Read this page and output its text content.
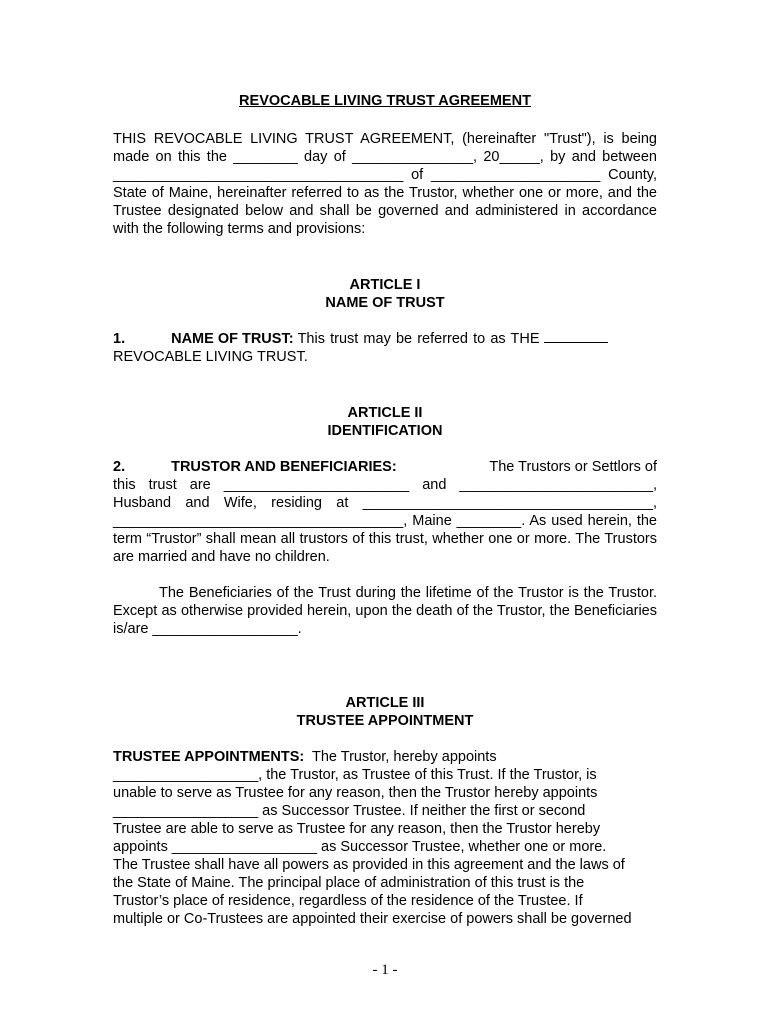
REVOCABLE LIVING TRUST AGREEMENT

THIS REVOCABLE LIVING TRUST AGREEMENT, (hereinafter "Trust"), is being made on this the ________ day of _______________, 20_____, by and between ____________________________________ of _____________________ County, State of Maine, hereinafter referred to as the Trustor, whether one or more, and the Trustee designated below and shall be governed and administered in accordance with the following terms and provisions:

ARTICLE I

NAME OF TRUST

1.	NAME OF TRUST: This trust may be referred to as THE
REVOCABLE LIVING TRUST.

ARTICLE II

IDENTIFICATION

2.	TRUSTOR AND BENEFICIARIES:	The Trustors or Settlors of
this trust are _______________________ and ________________________, Husband and Wife, residing at ____________________________________, ____________________________________, Maine ________. As used herein, the term “Trustor” shall mean all trustors of this trust, whether one or more. The Trustors are married and have no children.

The Beneficiaries of the Trust during the lifetime of the Trustor is the Trustor. Except as otherwise provided herein, upon the death of the Trustor, the Beneficiaries is/are __________________.

ARTICLE III

TRUSTEE APPOINTMENT

TRUSTEE APPOINTMENTS: The Trustor, hereby appoints
__________________, the Trustor, as Trustee of this Trust. If the Trustor, is
unable to serve as Trustee for any reason, then the Trustor hereby appoints
__________________ as Successor Trustee. If neither the first or second
Trustee are able to serve as Trustee for any reason, then the Trustor hereby
appoints __________________ as Successor Trustee, whether one or more.
The Trustee shall have all powers as provided in this agreement and the laws of
the State of Maine. The principal place of administration of this trust is the
Trustor’s place of residence, regardless of the residence of the Trustee. If
multiple or Co-Trustees are appointed their exercise of powers shall be governed
- 1 -
